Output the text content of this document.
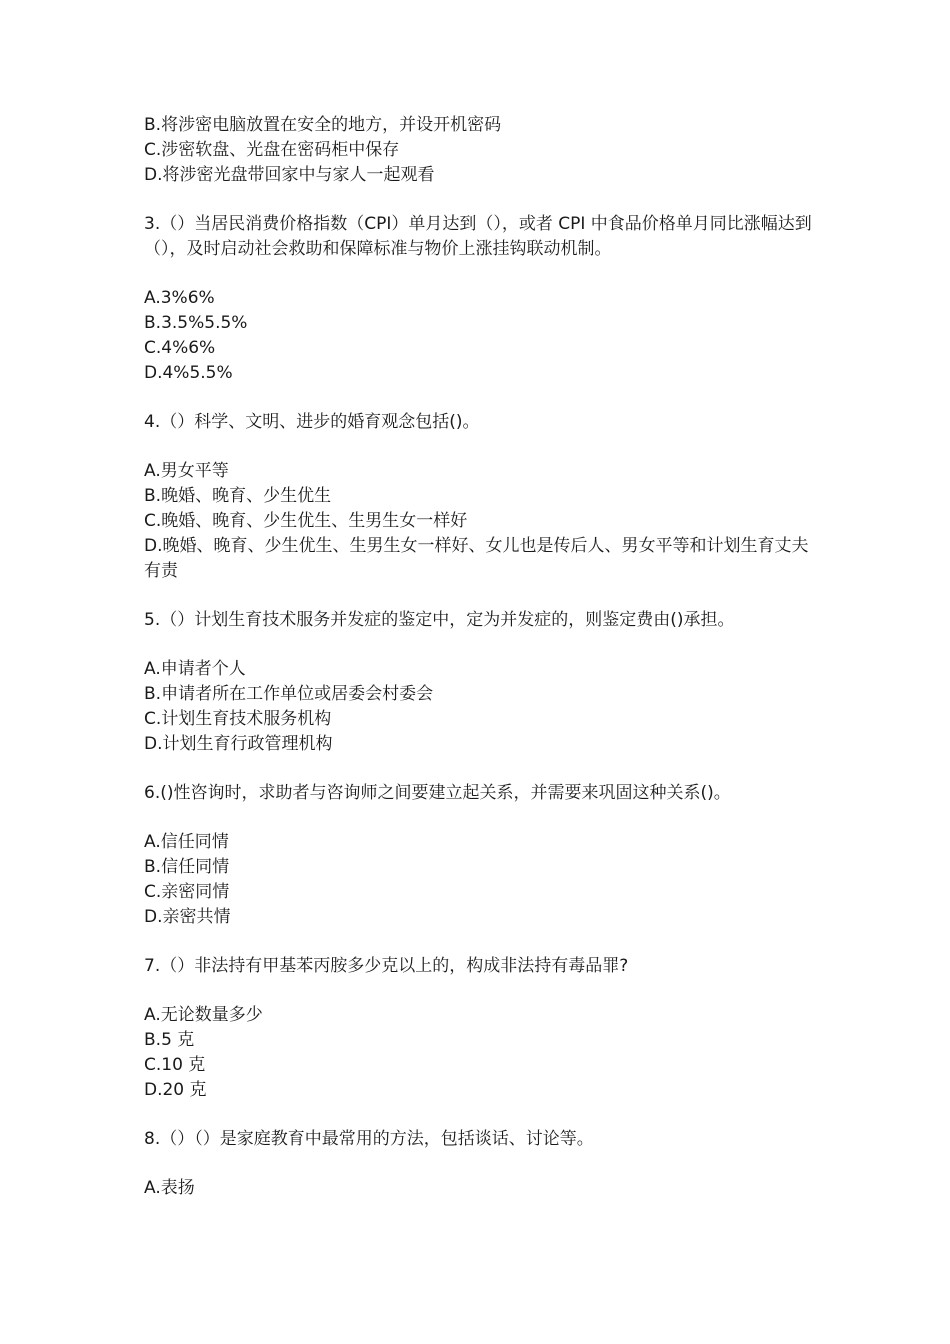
B.将涉密电脑放置在安全的地方，并设开机密码
C.涉密软盘、光盘在密码柜中保存
D.将涉密光盘带回家中与家人一起观看
3.（）当居民消费价格指数（CPI）单月达到（），或者 CPI 中食品价格单月同比涨幅达到（），及时启动社会救助和保障标准与物价上涨挂钩联动机制。
A.3%6%
B.3.5%5.5%
C.4%6%
D.4%5.5%
4.（）科学、文明、进步的婚育观念包括()。
A.男女平等
B.晚婚、晚育、少生优生
C.晚婚、晚育、少生优生、生男生女一样好
D.晚婚、晚育、少生优生、生男生女一样好、女儿也是传后人、男女平等和计划生育丈夫有责
5.（）计划生育技术服务并发症的鉴定中，定为并发症的，则鉴定费由()承担。
A.申请者个人
B.申请者所在工作单位或居委会村委会
C.计划生育技术服务机构
D.计划生育行政管理机构
6.()性咨询时，求助者与咨询师之间要建立起关系，并需要来巩固这种关系()。
A.信任同情
B.信任同情
C.亲密同情
D.亲密共情
7.（）非法持有甲基苯丙胺多少克以上的，构成非法持有毒品罪?
A.无论数量多少
B.5 克
C.10 克
D.20 克
8.（）（）是家庭教育中最常用的方法，包括谈话、讨论等。
A.表扬
